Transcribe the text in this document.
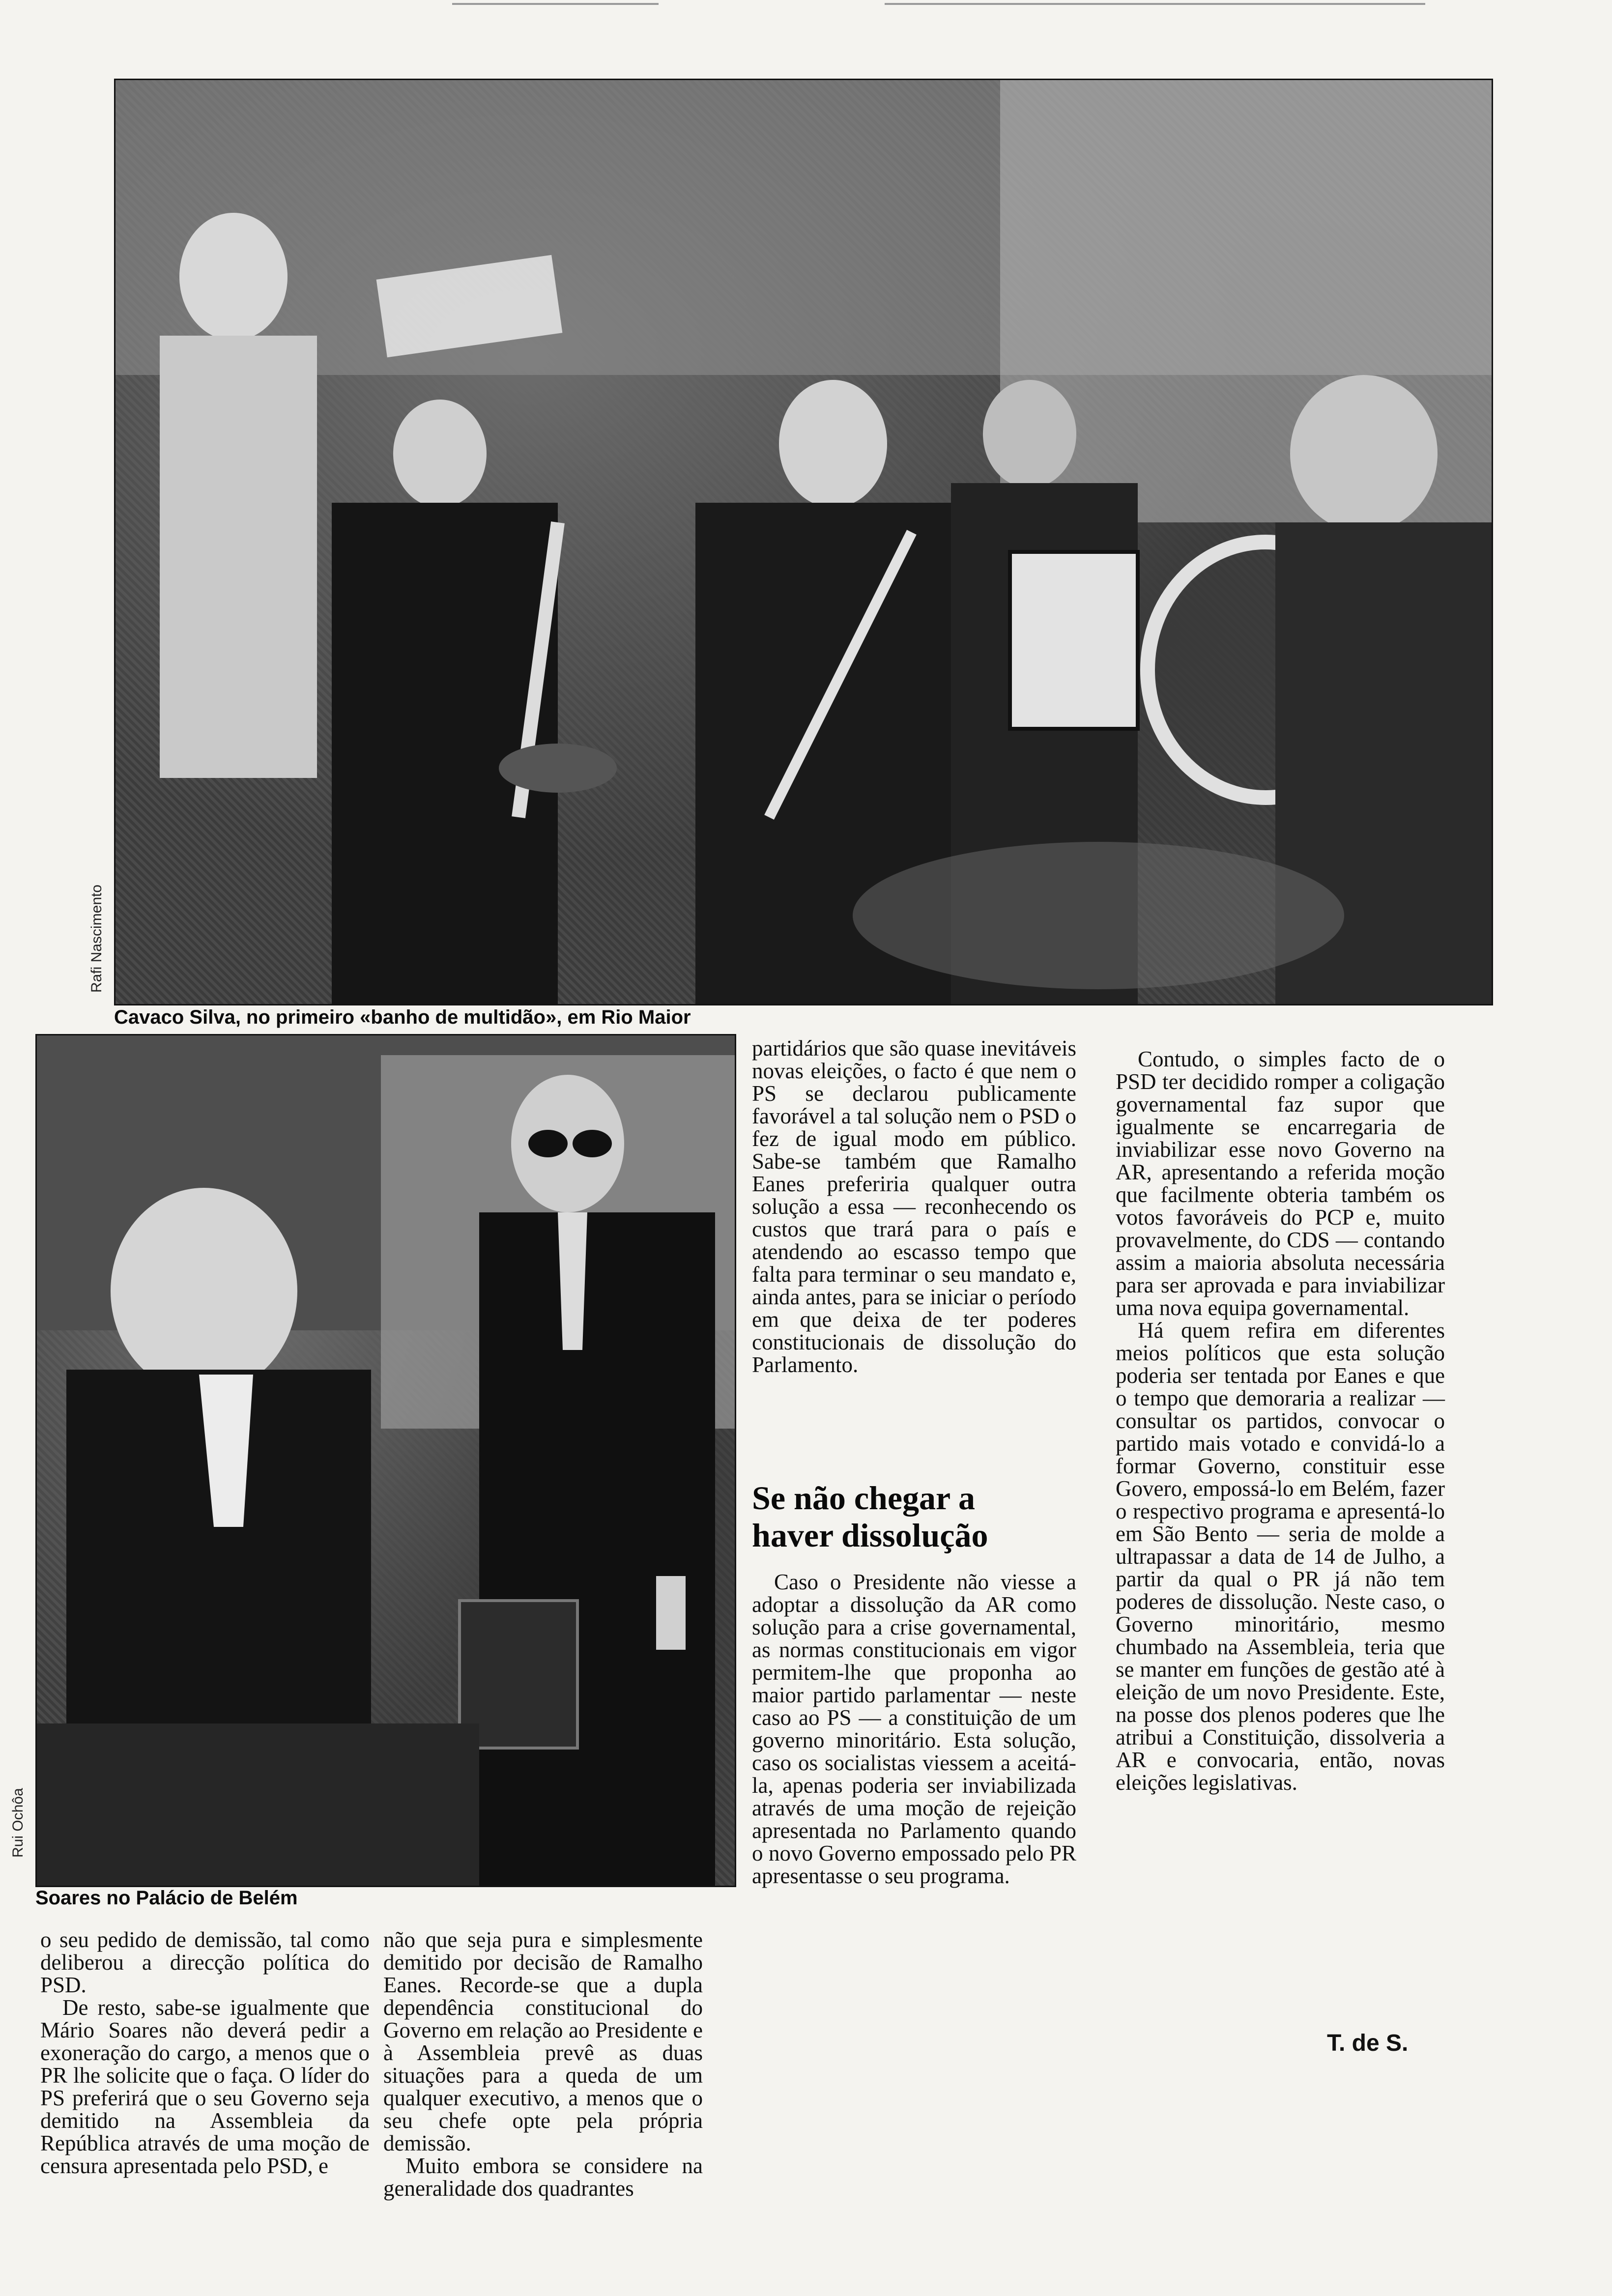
Rafi Nascimento
Cavaco Silva, no primeiro «banho de multidão», em Rio Maior
Rui Ochôa
Soares no Palácio de Belém

o seu pedido de demissão, tal como deliberou a direcção política do PSD.

De resto, sabe-se igualmente que Mário Soares não deverá pedir a exoneração do cargo, a menos que o PR lhe solicite que o faça. O líder do PS preferirá que o seu Governo seja demitido na Assembleia da República através de uma moção de censura apresentada pelo PSD, e

não que seja pura e simplesmente demitido por decisão de Ramalho Eanes. Recorde-se que a dupla dependência constitucional do Governo em relação ao Presidente e à Assembleia prevê as duas situações para a queda de um qualquer executivo, a menos que o seu chefe opte pela própria demissão.

Muito embora se considere na generalidade dos quadrantes

partidários que são quase inevitáveis novas eleições, o facto é que nem o PS se declarou publicamente favorável a tal solução nem o PSD o fez de igual modo em público. Sabe-se também que Ramalho Eanes preferiria qualquer outra solução a essa — reconhecendo os custos que trará para o país e atendendo ao escasso tempo que falta para terminar o seu mandato e, ainda antes, para se iniciar o período em que deixa de ter poderes constitucionais de dissolução do Parlamento.

Se não chegar a haver dissolução

Caso o Presidente não viesse a adoptar a dissolução da AR como solução para a crise governamental, as normas constitucionais em vigor permitem-lhe que proponha ao maior partido parlamentar — neste caso ao PS — a constituição de um governo minoritário. Esta solução, caso os socialistas viessem a aceitá-la, apenas poderia ser inviabilizada através de uma moção de rejeição apresentada no Parlamento quando o novo Governo empossado pelo PR apresentasse o seu programa.

Contudo, o simples facto de o PSD ter decidido romper a coligação governamental faz supor que igualmente se encarregaria de inviabilizar esse novo Governo na AR, apresentando a referida moção que facilmente obteria também os votos favoráveis do PCP e, muito provavelmente, do CDS — contando assim a maioria absoluta necessária para ser aprovada e para inviabilizar uma nova equipa governamental.

Há quem refira em diferentes meios políticos que esta solução poderia ser tentada por Eanes e que o tempo que demoraria a realizar — consultar os partidos, convocar o partido mais votado e convidá-lo a formar Governo, constituir esse Govero, empossá-lo em Belém, fazer o respectivo programa e apresentá-lo em São Bento — seria de molde a ultrapassar a data de 14 de Julho, a partir da qual o PR já não tem poderes de dissolução. Neste caso, o Governo minoritário, mesmo chumbado na Assembleia, teria que se manter em funções de gestão até à eleição de um novo Presidente. Este, na posse dos plenos poderes que lhe atribui a Constituição, dissolveria a AR e convocaria, então, novas eleições legislativas.

T. de S.
